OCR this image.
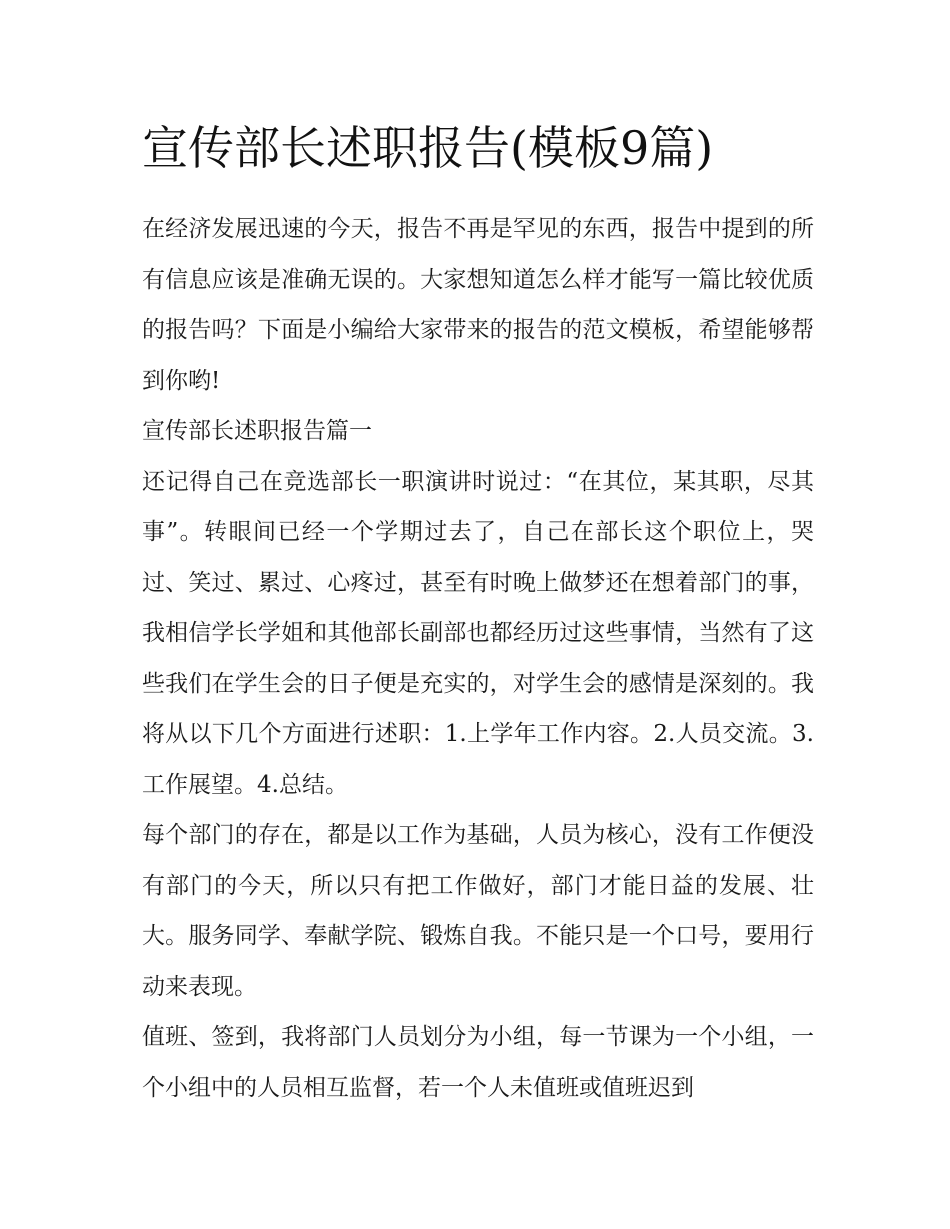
宣传部长述职报告(模板9篇)

在经济发展迅速的今天，报告不再是罕见的东西，报告中提到的所有信息应该是准确无误的。大家想知道怎么样才能写一篇比较优质的报告吗？下面是小编给大家带来的报告的范文模板，希望能够帮到你哟!

宣传部长述职报告篇一

还记得自己在竞选部长一职演讲时说过：“在其位，某其职，尽其事”。转眼间已经一个学期过去了，自己在部长这个职位上，哭过、笑过、累过、心疼过，甚至有时晚上做梦还在想着部门的事，我相信学长学姐和其他部长副部也都经历过这些事情，当然有了这些我们在学生会的日子便是充实的，对学生会的感情是深刻的。我将从以下几个方面进行述职：1.上学年工作内容。2.人员交流。3.工作展望。4.总结。

每个部门的存在，都是以工作为基础，人员为核心，没有工作便没有部门的今天，所以只有把工作做好，部门才能日益的发展、壮大。服务同学、奉献学院、锻炼自我。不能只是一个口号，要用行动来表现。

值班、签到，我将部门人员划分为小组，每一节课为一个小组，一个小组中的人员相互监督，若一个人未值班或值班迟到
